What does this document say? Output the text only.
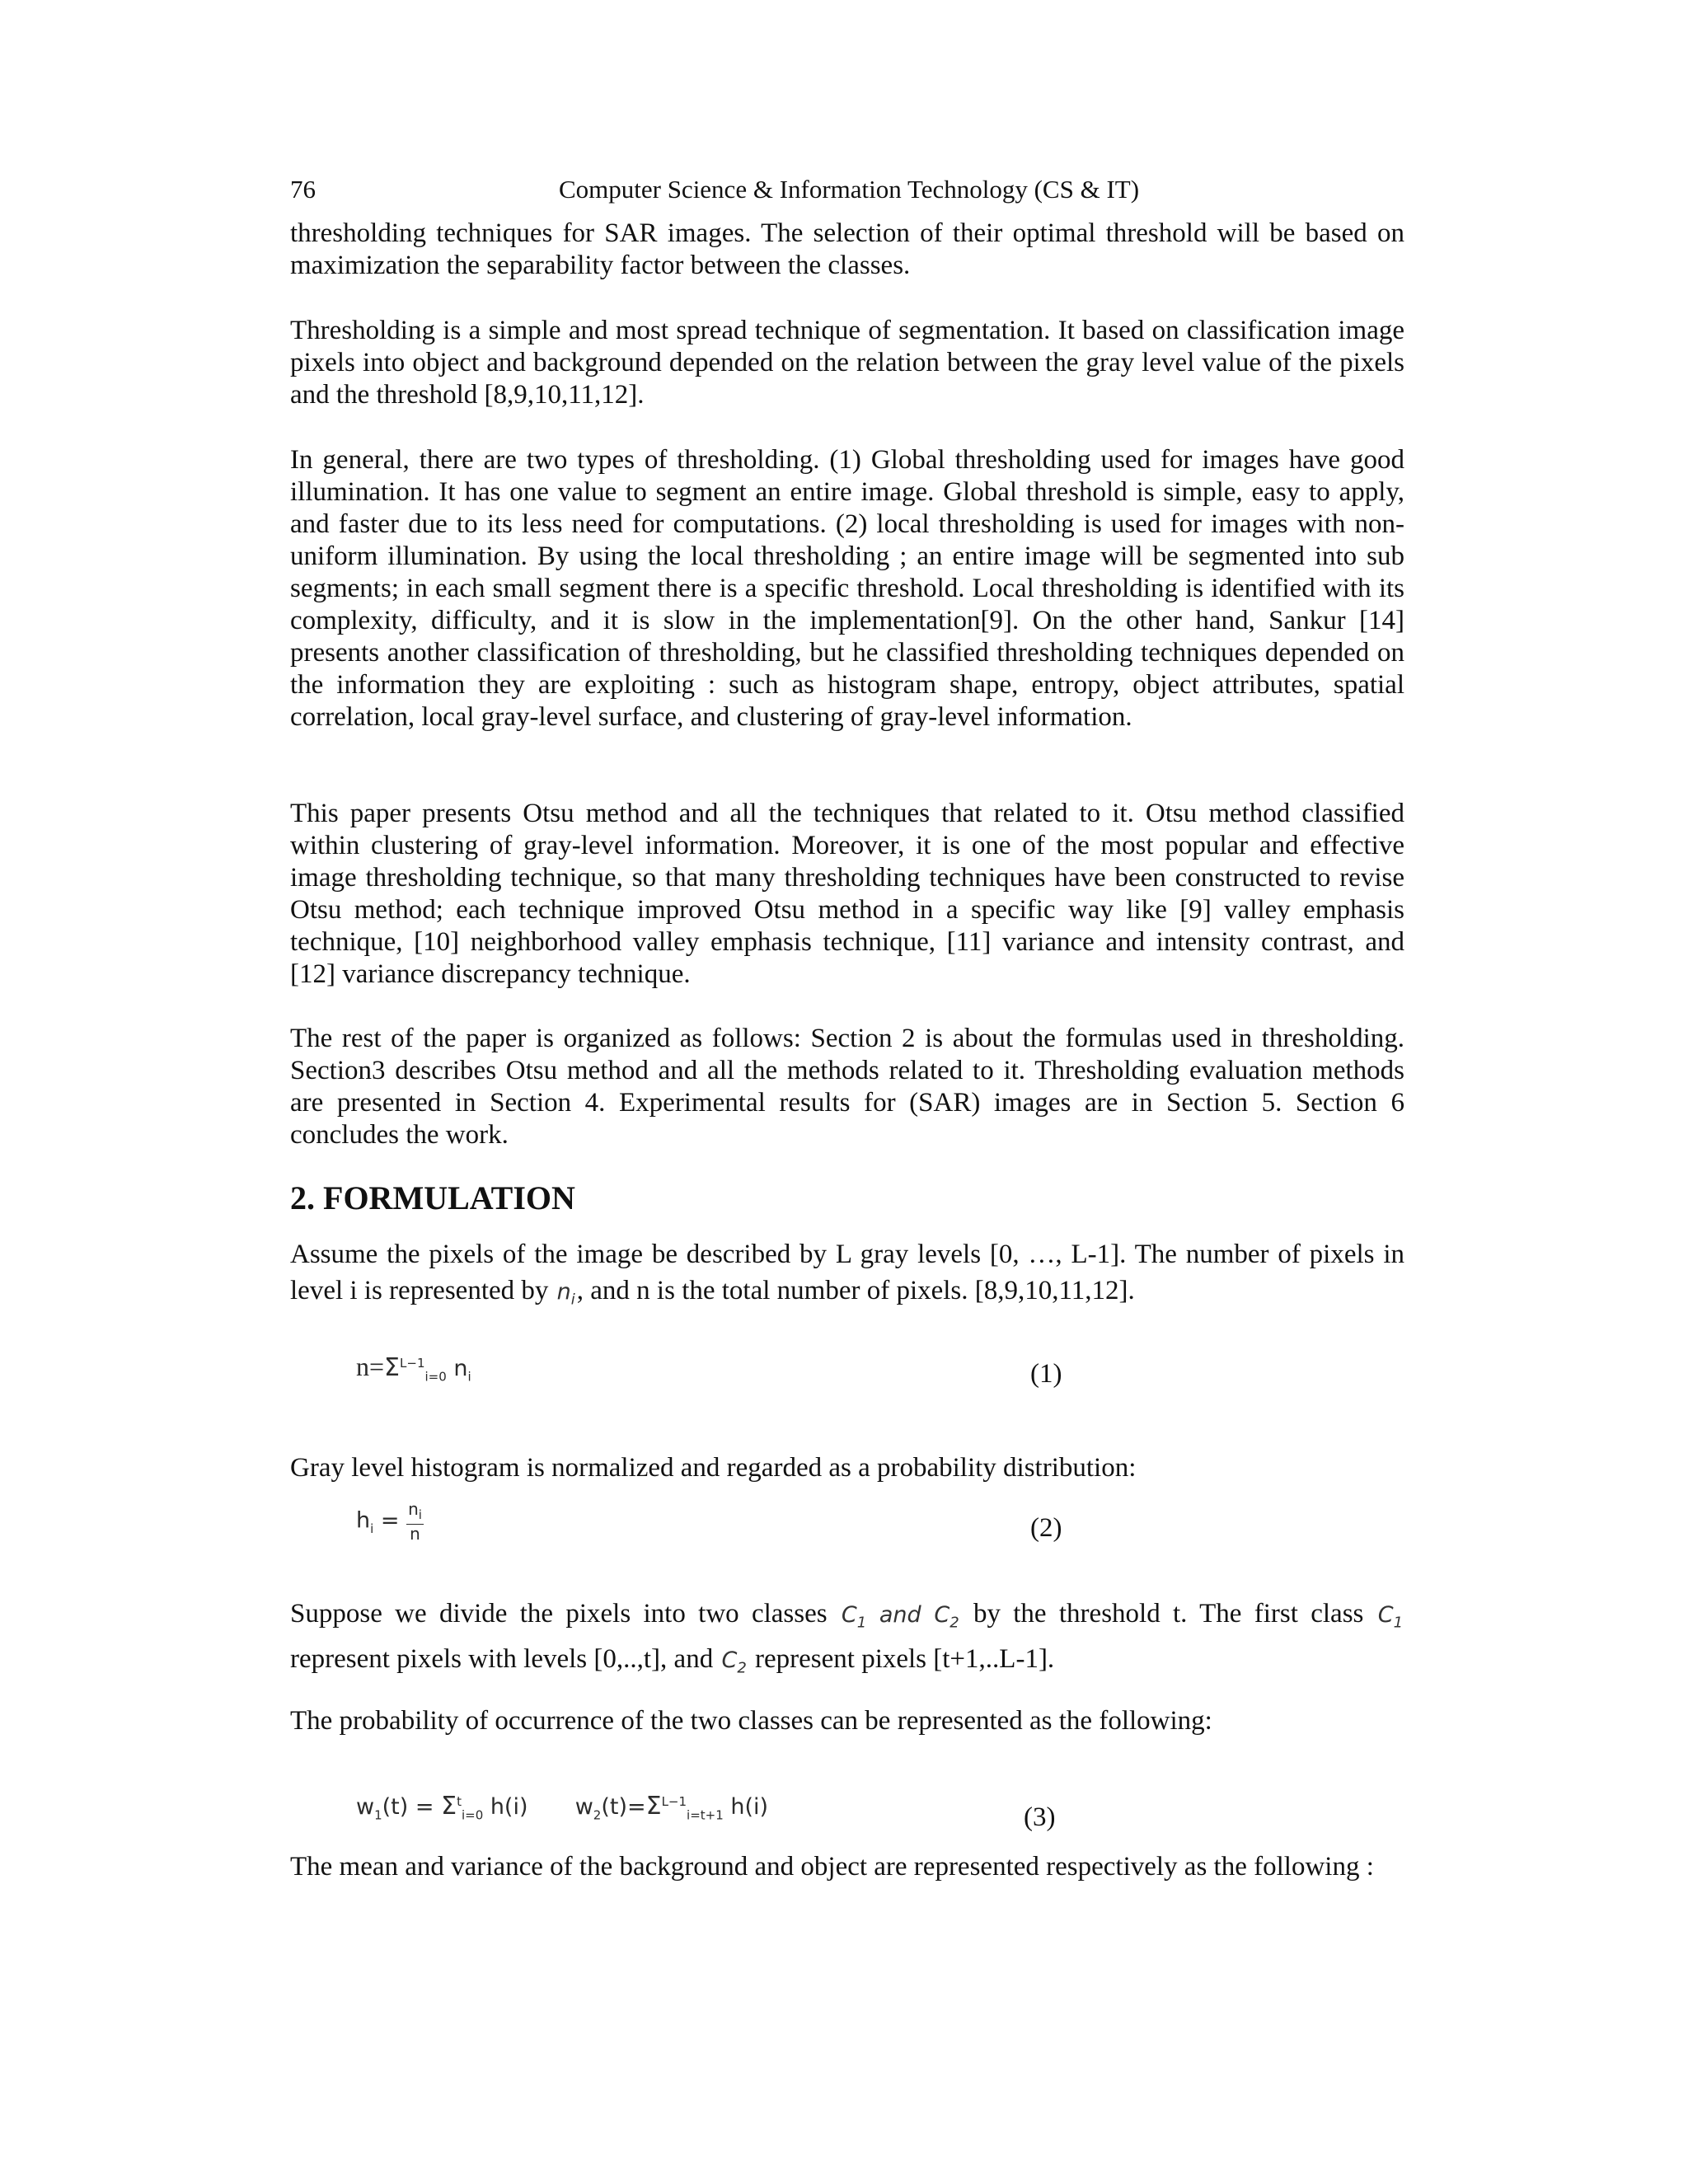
76	Computer Science & Information Technology (CS & IT)

thresholding techniques for SAR images. The selection of their optimal threshold will be based on maximization the separability factor between the classes.

Thresholding is a simple and most spread technique of segmentation. It based on classification image pixels into object and background depended on the relation between the gray level value of the pixels and the threshold [8,9,10,11,12].

In general, there are two types of thresholding. (1) Global thresholding used for images have good illumination. It has one value to segment an entire image. Global threshold is simple, easy to apply, and faster due to its less need for computations. (2) local thresholding is used for images with non-uniform illumination. By using the local thresholding ; an entire image will be segmented into sub segments; in each small segment there is a specific threshold. Local thresholding is identified with its complexity, difficulty, and it is slow in the implementation[9]. On the other hand, Sankur [14] presents another classification of thresholding, but he classified thresholding techniques depended on the information they are exploiting : such as histogram shape, entropy, object attributes, spatial correlation, local gray-level surface, and clustering of gray-level information.

This paper presents Otsu method and all the techniques that related to it. Otsu method classified within clustering of gray-level information. Moreover, it is one of the most popular and effective image thresholding technique, so that many thresholding techniques have been constructed to revise Otsu method; each technique improved Otsu method in a specific way like [9] valley emphasis technique, [10] neighborhood valley emphasis technique, [11] variance and intensity contrast, and [12] variance discrepancy technique.

The rest of the paper is organized as follows: Section 2 is about the formulas used in thresholding. Section3 describes Otsu method and all the methods related to it. Thresholding evaluation methods are presented in Section 4. Experimental results for (SAR) images are in Section 5. Section 6 concludes the work.

2. FORMULATION

Assume the pixels of the image be described by L gray levels [0, …, L-1]. The number of pixels in level i is represented by $n_i$, and n is the total number of pixels. [8,9,10,11,12].

$n=\Sigma^{L-1}_{i=0}$ $n_i$	(1)

Gray level histogram is normalized and regarded as a probability distribution:

$h_i = \frac{n_i}{n}$	(2)

Suppose we divide the pixels into two classes $C_1$ and $C_2$ by the threshold t. The first class $C_1$ represent pixels with levels [0,..,t], and $C_2$ represent pixels [t+1,..L-1].

The probability of occurrence of the two classes can be represented as the following:

$w_1(t) = \Sigma^t_{i=0}$ h(i) $w_2(t)=\Sigma^{L-1}_{i=t+1}$ h(i)	(3)

The mean and variance of the background and object are represented respectively as the following :
